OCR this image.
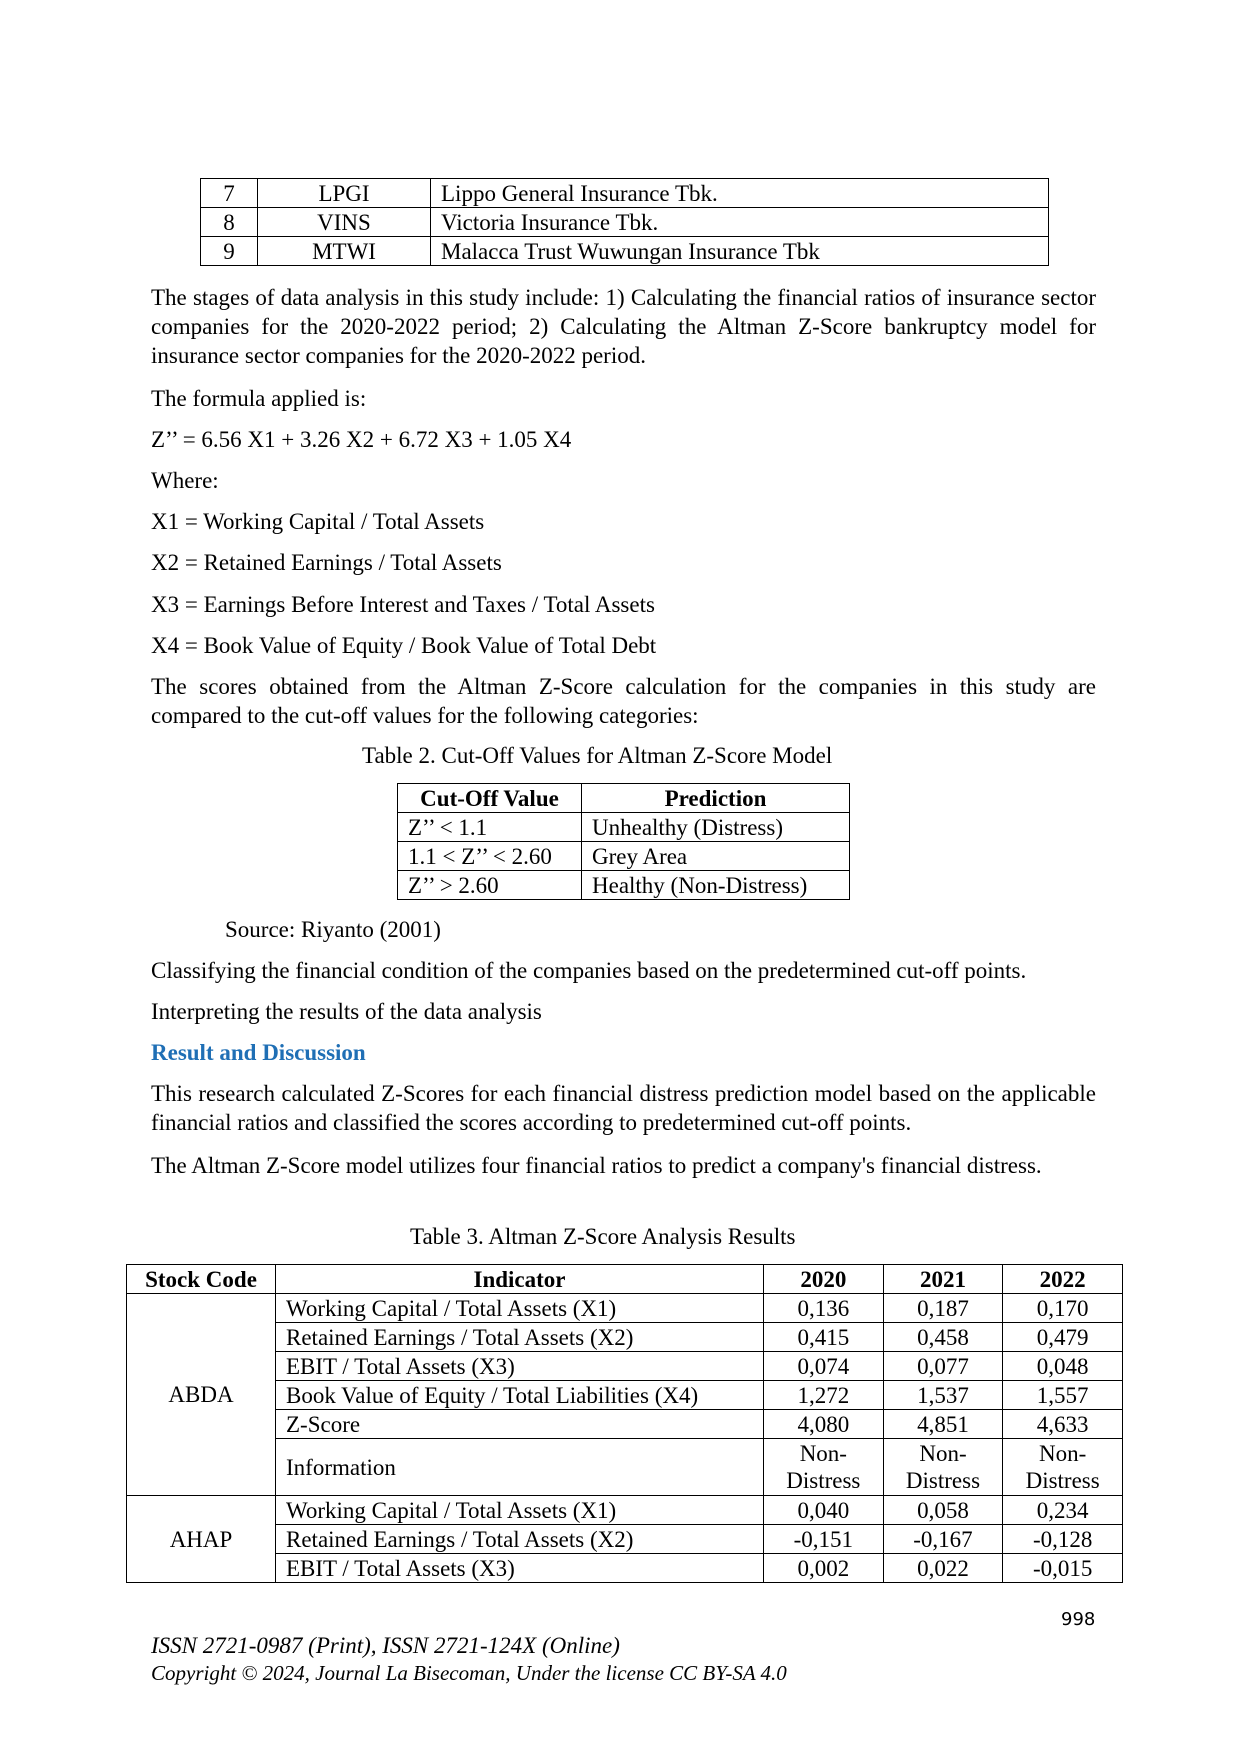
7	LPGI	Lippo General Insurance Tbk.
8	VINS	Victoria Insurance Tbk.
9	MTWI	Malacca Trust Wuwungan Insurance Tbk
The stages of data analysis in this study include: 1) Calculating the financial ratios of insurance sector companies for the 2020-2022 period; 2) Calculating the Altman Z-Score bankruptcy model for insurance sector companies for the 2020-2022 period.
The formula applied is:
Z’’ = 6.56 X1 + 3.26 X2 + 6.72 X3 + 1.05 X4
Where:
X1 = Working Capital / Total Assets
X2 = Retained Earnings / Total Assets
X3 = Earnings Before Interest and Taxes / Total Assets
X4 = Book Value of Equity / Book Value of Total Debt
The scores obtained from the Altman Z-Score calculation for the companies in this study are compared to the cut-off values for the following categories:
Table 2. Cut-Off Values for Altman Z-Score Model
Cut-Off Value	Prediction
Z’’ < 1.1	Unhealthy (Distress)
1.1 < Z’’ < 2.60	Grey Area
Z’’ > 2.60	Healthy (Non-Distress)
Source: Riyanto (2001)
Classifying the financial condition of the companies based on the predetermined cut-off points.
Interpreting the results of the data analysis
Result and Discussion
This research calculated Z-Scores for each financial distress prediction model based on the applicable financial ratios and classified the scores according to predetermined cut-off points.
The Altman Z-Score model utilizes four financial ratios to predict a company's financial distress.
Table 3. Altman Z-Score Analysis Results
Stock Code	Indicator	2020	2021	2022
ABDA	Working Capital / Total Assets (X1)	0,136	0,187	0,170
	Retained Earnings / Total Assets (X2)	0,415	0,458	0,479
	EBIT / Total Assets (X3)	0,074	0,077	0,048
	Book Value of Equity / Total Liabilities (X4)	1,272	1,537	1,557
	Z-Score	4,080	4,851	4,633
	Information	Non-Distress	Non-Distress	Non-Distress
AHAP	Working Capital / Total Assets (X1)	0,040	0,058	0,234
	Retained Earnings / Total Assets (X2)	-0,151	-0,167	-0,128
	EBIT / Total Assets (X3)	0,002	0,022	-0,015
998
ISSN 2721-0987 (Print), ISSN 2721-124X (Online)
Copyright © 2024, Journal La Bisecoman, Under the license CC BY-SA 4.0
